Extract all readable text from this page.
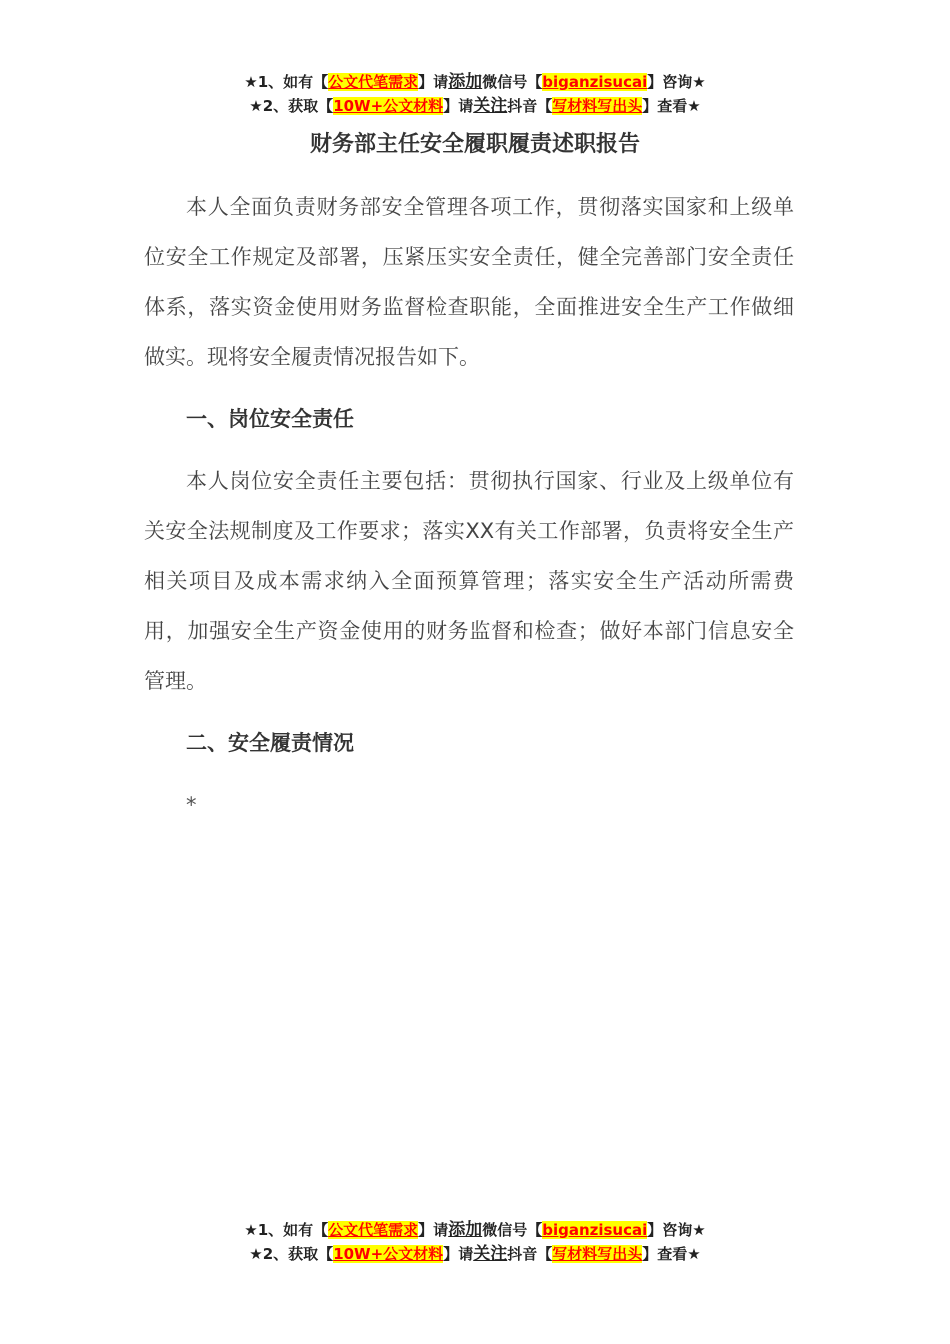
★1、如有【公文代笔需求】请添加微信号【biganzisucai】咨询★
★2、获取【10W+公文材料】请关注抖音【写材料写出头】查看★
财务部主任安全履职履责述职报告

本人全面负责财务部安全管理各项工作，贯彻落实国家和上级单位安全工作规定及部署，压紧压实安全责任，健全完善部门安全责任体系，落实资金使用财务监督检查职能，全面推进安全生产工作做细做实。现将安全履责情况报告如下。

一、岗位安全责任

本人岗位安全责任主要包括：贯彻执行国家、行业及上级单位有关安全法规制度及工作要求；落实XX有关工作部署，负责将安全生产相关项目及成本需求纳入全面预算管理；落实安全生产活动所需费用，加强安全生产资金使用的财务监督和检查；做好本部门信息安全管理。

二、安全履责情况

*

★1、如有【公文代笔需求】请添加微信号【biganzisucai】咨询★
★2、获取【10W+公文材料】请关注抖音【写材料写出头】查看★
